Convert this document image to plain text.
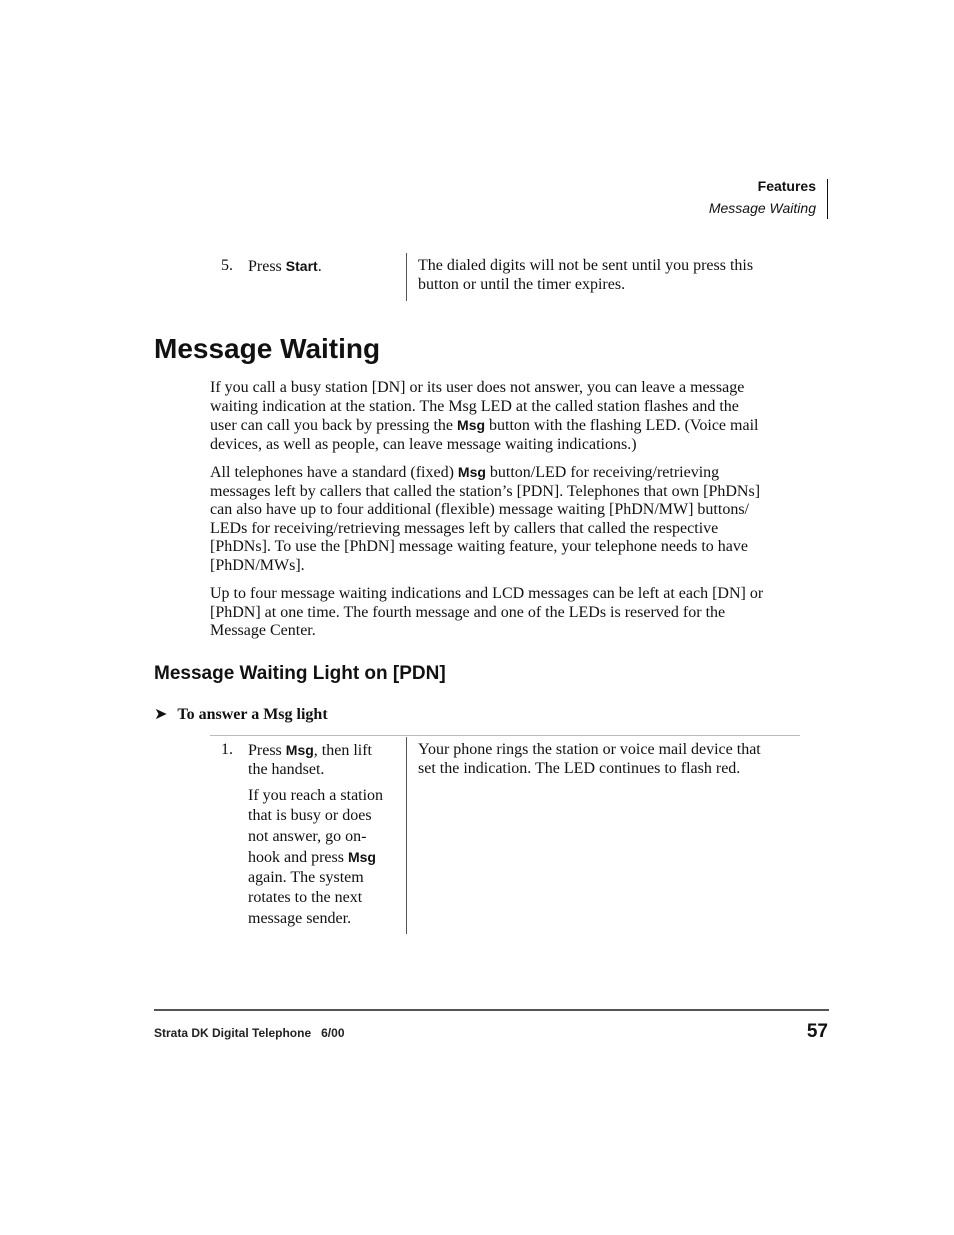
Features
Message Waiting
5. Press Start.	The dialed digits will not be sent until you press this
button or until the timer expires.
Message Waiting
If you call a busy station [DN] or its user does not answer, you can leave a message
waiting indication at the station. The Msg LED at the called station flashes and the
user can call you back by pressing the Msg button with the flashing LED. (Voice mail
devices, as well as people, can leave message waiting indications.)
All telephones have a standard (fixed) Msg button/LED for receiving/retrieving
messages left by callers that called the station’s [PDN]. Telephones that own [PhDNs]
can also have up to four additional (flexible) message waiting [PhDN/MW] buttons/
LEDs for receiving/retrieving messages left by callers that called the respective
[PhDNs]. To use the [PhDN] message waiting feature, your telephone needs to have
[PhDN/MWs].
Up to four message waiting indications and LCD messages can be left at each [DN] or
[PhDN] at one time. The fourth message and one of the LEDs is reserved for the
Message Center.
Message Waiting Light on [PDN]
➤ To answer a Msg light
1. Press Msg, then lift
the handset.
If you reach a station
that is busy or does
not answer, go on-
hook and press Msg
again. The system
rotates to the next
message sender.
Your phone rings the station or voice mail device that
set the indication. The LED continues to flash red.
Strata DK Digital Telephone   6/00	57
